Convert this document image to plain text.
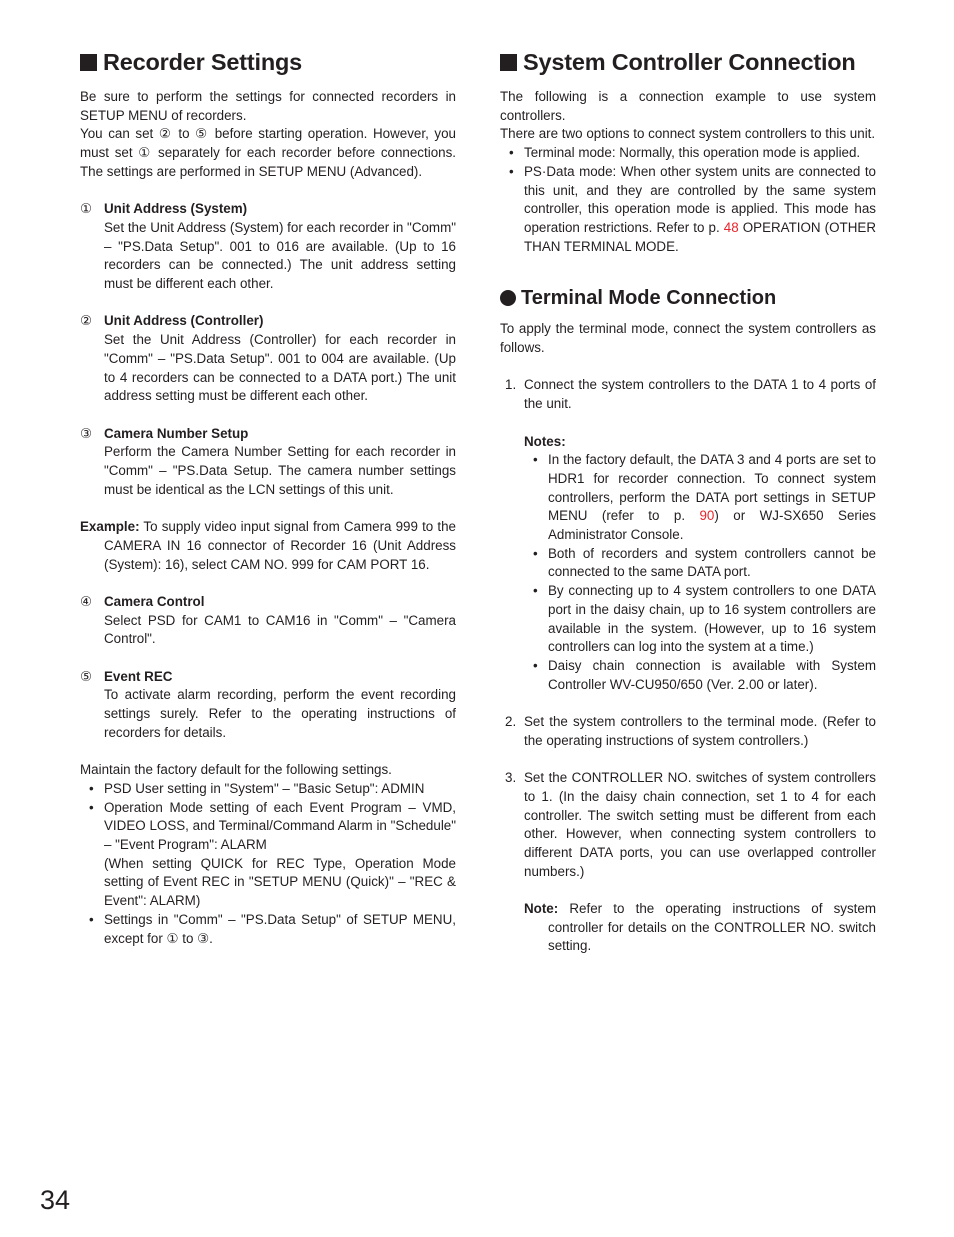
Recorder Settings

Be sure to perform the settings for connected recorders in SETUP MENU of recorders.

You can set ② to ⑤ before starting operation. However, you must set ① separately for each recorder before connections. The settings are performed in SETUP MENU (Advanced).

① Unit Address (System)

Set the Unit Address (System) for each recorder in "Comm" – "PS.Data Setup". 001 to 016 are available. (Up to 16 recorders can be connected.) The unit address setting must be different each other.

② Unit Address (Controller)

Set the Unit Address (Controller) for each recorder in "Comm" – "PS.Data Setup". 001 to 004 are available. (Up to 4 recorders can be connected to a DATA port.) The unit address setting must be different each other.

③ Camera Number Setup

Perform the Camera Number Setting for each recorder in "Comm" – "PS.Data Setup. The camera number settings must be identical as the LCN settings of this unit.

Example: To supply video input signal from Camera 999 to the CAMERA IN 16 connector of Recorder 16 (Unit Address (System): 16), select CAM NO. 999 for CAM PORT 16.

④ Camera Control

Select PSD for CAM1 to CAM16 in "Comm" – "Camera Control".

⑤ Event REC

To activate alarm recording, perform the event recording settings surely. Refer to the operating instructions of recorders for details.

Maintain the factory default for the following settings.

• PSD User setting in "System" – "Basic Setup": ADMIN
• Operation Mode setting of each Event Program – VMD, VIDEO LOSS, and Terminal/Command Alarm in "Schedule" – "Event Program": ALARM
(When setting QUICK for REC Type, Operation Mode setting of Event REC in "SETUP MENU (Quick)" – "REC & Event": ALARM)
• Settings in "Comm" – "PS.Data Setup" of SETUP MENU, except for ① to ③.
System Controller Connection

The following is a connection example to use system controllers.

There are two options to connect system controllers to this unit.

• Terminal mode: Normally, this operation mode is applied.
• PS·Data mode: When other system units are connected to this unit, and they are controlled by the same system controller, this operation mode is applied. This mode has operation restrictions. Refer to p. 48 OPERATION (OTHER THAN TERMINAL MODE.
Terminal Mode Connection

To apply the terminal mode, connect the system controllers as follows.

1. Connect the system controllers to the DATA 1 to 4 ports of the unit.
Notes:
• In the factory default, the DATA 3 and 4 ports are set to HDR1 for recorder connection. To connect system controllers, perform the DATA port settings in SETUP MENU (refer to p. 90) or WJ-SX650 Series Administrator Console.
• Both of recorders and system controllers cannot be connected to the same DATA port.
• By connecting up to 4 system controllers to one DATA port in the daisy chain, up to 16 system controllers are available in the system. (However, up to 16 system controllers can log into the system at a time.)
• Daisy chain connection is available with System Controller WV-CU950/650 (Ver. 2.00 or later).
2. Set the system controllers to the terminal mode. (Refer to the operating instructions of system controllers.)
3. Set the CONTROLLER NO. switches of system controllers to 1. (In the daisy chain connection, set 1 to 4 for each controller. The switch setting must be different from each other. However, when connecting system controllers to different DATA ports, you can use overlapped controller numbers.)

Note: Refer to the operating instructions of system controller for details on the CONTROLLER NO. switch setting.

34
